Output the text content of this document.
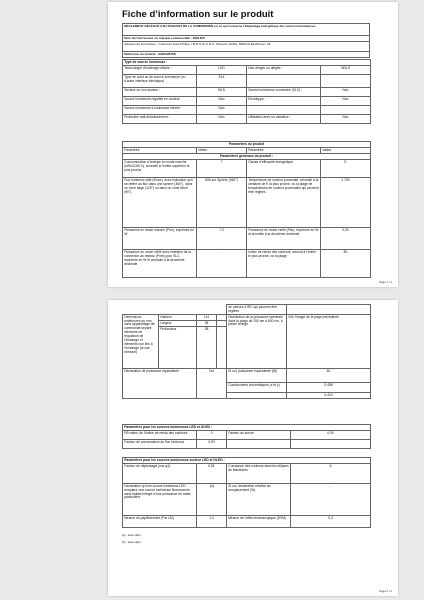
Fiche d’information sur le produit
RÈGLEMENT DÉLÉGUÉ (UE) 2019/2015 DE LA COMMISSION en ce qui concerne l’étiquetage énergétique des sources lumineuses
Nom du fournisseur ou marque commerciale : PHILIPS
Adresse du fournisseur : Customer Care Philips, I.B.R.S./C.C.R.S. /Numéro 10461, 5600VS Eindhoven, NL
Référence du modèle : 929002878S
Type de source lumineuse :			
Technologie d’éclairage utilisée :	LED	Non-dirigée ou dirigée :	NDLS
Type de culot ou de source lumineuse (ou d’autre interface électrique)	E14		
Secteur ou non secteur :	MLS	Source lumineuse connectée (SLC) :	Non
Source lumineuse réglable en couleur :	Non	Enveloppe :	Non
Source lumineuse à luminance élevée :	Non		
Protection anti-éblouissement :	Non	Utilisation avec un variateur :	Non
Paramètres du produit			
Paramètre	Valeur	Paramètre	Valeur
Paramètres généraux du produit :			
Consommation d’énergie en mode marche (kWh/1000 h), arrondie à l’entier supérieur le plus proche	7	Classe d’efficacité énergétique	E
Flux lumineux utile (Φuse), avec indication qu’il se réfère au flux dans une sphère (360°), dans un cône large (120°) ou dans un cône étroit (90°).	806 sur Sphère (360°)	Température de couleur proximale, arrondie à la centaine de K la plus proche, ou la plage de températures de couleur proximales qui peuvent être réglées	2 700
Puissance en mode marche (Pon), exprimée en W	7,0	Puissance en mode veille (Psb), exprimée en W et arrondie à la deuxième décimale	0,00
Puissance en mode veille avec maintien de la connexion au réseau (Pnet) pour SLC, exprimée en W et arrondie à la deuxième décimale	-	Indice de rendu des couleurs, arrondi à l’entier le plus proche, ou la plage	80
Page 1 / 2
				de valeurs d’IRC qui peuvent être réglées	
Dimensions extérieures en mm, sans appareillage de commande séparé, éléments de régulation de l’éclairage et éléments non liés à l’éclairage (le cas échéant)	Hauteur	114		Distribution de la puissance spectrale dans la plage de 250 nm à 800 nm, à pleine charge	Voir l’image de la page précédente
	Largeur	38			
	Profondeur	38			
Déclaration de puissance équivalente		Oui		Si oui, puissance équivalente (W)	60
				Coordonnées chromatiques (x et y)	0,458
					0,410
Paramètres pour les sources lumineuses LED et OLED :			
R9 valeur de l’indice de rendu des couleurs	0	Facteur de survie	0,90
Facteur de conservation du flux lumineux	0,93		
Paramètres pour les sources lumineuses secteur LED et OLED :			
Facteur de déphasage (cos φ1)	0,51	Constance des couleurs dans les ellipses de MacAdam	6
Déclaration qu’une source lumineuse LED remplace une source lumineuse fluorescente sans ballast intégré d’une puissance en watts particulière	-(a)	Si oui, déclaration relative au remplacement (W)	-
Mesure du papillotement (Pst LM)	1,0	Mesure de l’effet stroboscopique (SVM)	0,4
(a) : sans objet
(b) : sans objet
Page 2 / 2
